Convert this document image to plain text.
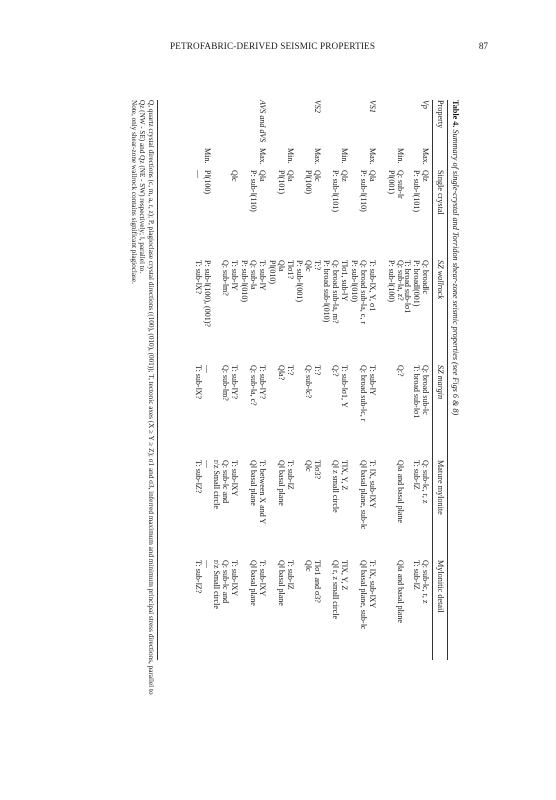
PETROFABRIC-DERIVED SEISMIC PROPERTIES	87
Table 4. Summary of single-crystal and Torridon shear-zone seismic properties (see Figs 6 & 8)
Property
Single crystal
SZ wallrock
SZ margin
Mature mylonite
Mylonitic detail
Vp
Max.
Q‖z
P: sub-‖(101)
Q: broad‖c
P: broad‖(001)
T: broad sub-‖σ1
Q: broad sub-‖c
T: broad sub-‖σ1
Q: sub-‖c, r, z
T: sub-‖Z
Q: sub-‖c, r, z
T: sub-‖Z
Min.
Q: sub-‖r
P‖(001)
Q: sub-‖a, z?
P: sub-‖(100)
Q:?
Q‖a and basal plane
Q‖a and basal plane
VS1
Max.
Q‖a
P: sub-‖(110)
T: sub-‖X, Y, σ1
Q: broad sub-‖a, c, r
P: sub-‖(010)
T: sub-‖Y
Q: broad sub-‖c, r
T: ‖X, sub-‖XY
Q‖ basal plane, sub-‖c
T: ‖X, sub-‖XY
Q‖ basal plane, sub-‖c
Min.
Q‖z
P: sub-‖(101)
T‖σ1, sub-‖Y
Q: broad sub-‖a, m?
P: broad sub-‖(010)
T: sub-‖σ1, Y
Q:?
T‖X, Y, Z
Q‖ z small circle
T‖X, Y, Z
Q‖ r, z small circle
VS2
Max.
Q‖c
P‖(100)
T:?
Q‖c
P: sub-‖(001)
T:?
Q: sub-‖c?
T‖σ3?
Q‖c
T‖σ1 and σ3?
Q‖c
Min.
Q‖a
P‖(101)
T‖σ1?
Q‖a
P‖(010)
T:?
Q‖a?
T: sub-‖Z
Q‖ basal plane
T: sub-‖Z
Q‖ basal plane
AVS and dVS
Max.
Q‖a
P: sub-‖(110)
T: sub-‖Y
Q: sub-‖a
P: sub-‖(010)
T: sub-‖Y?
Q: sub-‖a, c?
T: between X and Y
Q‖ basal plane
T: sub-‖XY
Q‖ basal plane
Q‖c
T: sub-‖Y
Q: sub-‖m?
T: sub-‖Y?
Q: sub-‖m?
T: sub-‖XY
Q: sub-‖c and
r/z Small circle
T: sub-‖XY
Q: sub-‖c and
r/z Small circle
Min.
P‖(100)
—
P: sub-‖(100), (001)?
T: sub-‖X?
—
T: sub-‖X?
—
T: sub-‖Z?
—
T: sub-‖Z?
Q, quartz crystal directions (c, m, a, r, z); P, plagioclase crystal directions ((100), (010), (001)); T, tectonic axes (X ≥ Y ≥ Z); σ1 and σ3, inferred maximum and minimum principal stress directions, parallel to
Qz (NW - SE) and Qz (NE - SW) respectively; ‖, parallel to.
Note, only shear-zone wallrock contains significant plagioclase.
